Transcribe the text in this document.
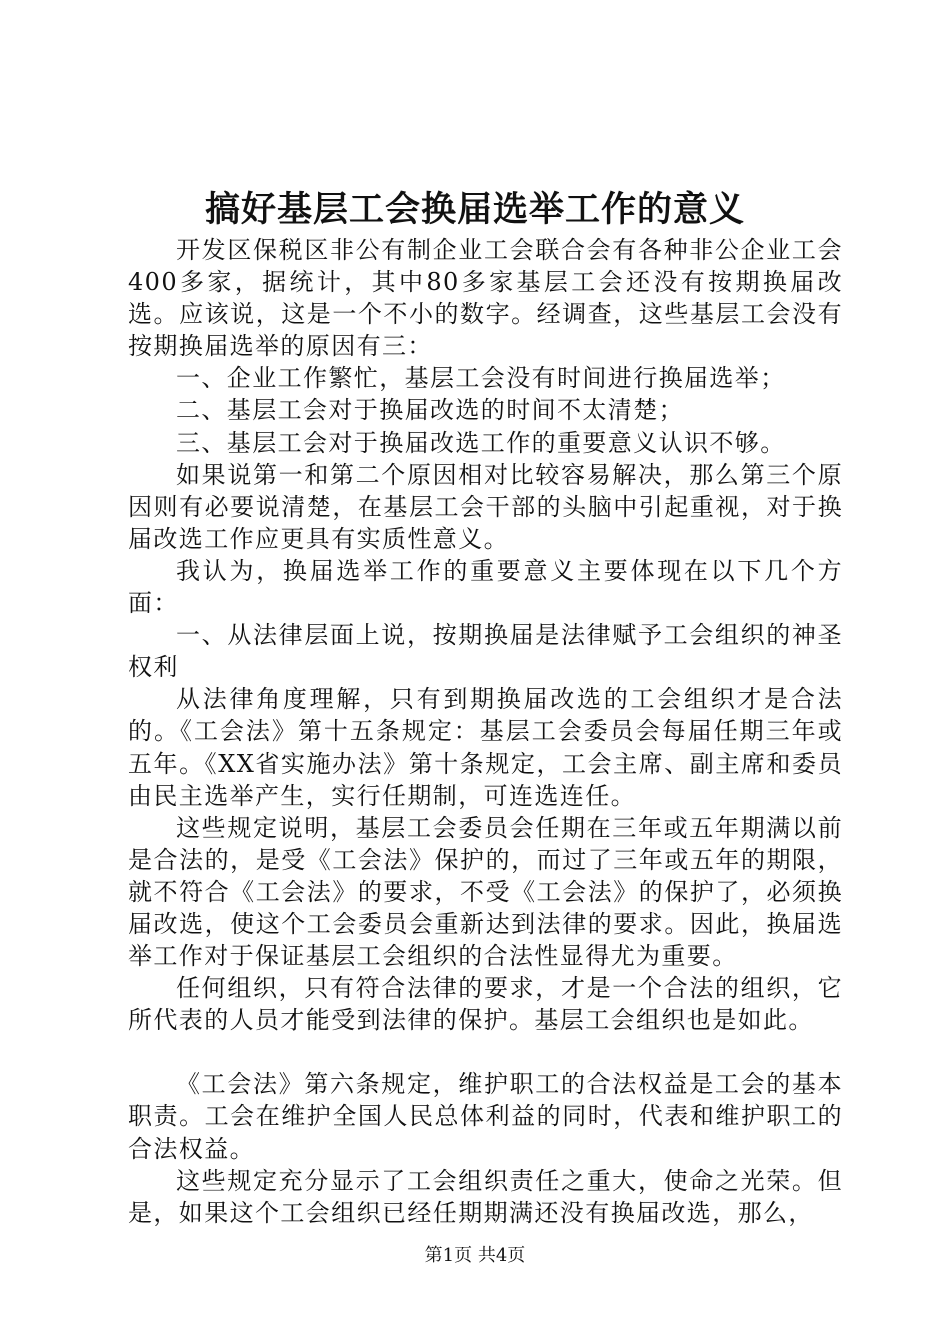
搞好基层工会换届选举工作的意义

开发区保税区非公有制企业工会联合会有各种非公企业工会400多家，据统计，其中80多家基层工会还没有按期换届改选。应该说，这是一个不小的数字。经调查，这些基层工会没有按期换届选举的原因有三：

一、企业工作繁忙，基层工会没有时间进行换届选举；

二、基层工会对于换届改选的时间不太清楚；

三、基层工会对于换届改选工作的重要意义认识不够。

如果说第一和第二个原因相对比较容易解决，那么第三个原因则有必要说清楚，在基层工会干部的头脑中引起重视，对于换届改选工作应更具有实质性意义。

我认为，换届选举工作的重要意义主要体现在以下几个方面：

一、从法律层面上说，按期换届是法律赋予工会组织的神圣权利

从法律角度理解，只有到期换届改选的工会组织才是合法的。《工会法》第十五条规定：基层工会委员会每届任期三年或五年。《XX省实施办法》第十条规定，工会主席、副主席和委员由民主选举产生，实行任期制，可连选连任。

这些规定说明，基层工会委员会任期在三年或五年期满以前是合法的，是受《工会法》保护的，而过了三年或五年的期限，就不符合《工会法》的要求，不受《工会法》的保护了，必须换届改选，使这个工会委员会重新达到法律的要求。因此，换届选举工作对于保证基层工会组织的合法性显得尤为重要。

任何组织，只有符合法律的要求，才是一个合法的组织，它所代表的人员才能受到法律的保护。基层工会组织也是如此。

《工会法》第六条规定，维护职工的合法权益是工会的基本职责。工会在维护全国人民总体利益的同时，代表和维护职工的合法权益。

这些规定充分显示了工会组织责任之重大，使命之光荣。但是，如果这个工会组织已经任期期满还没有换届改选，那么，

第1页 共4页
